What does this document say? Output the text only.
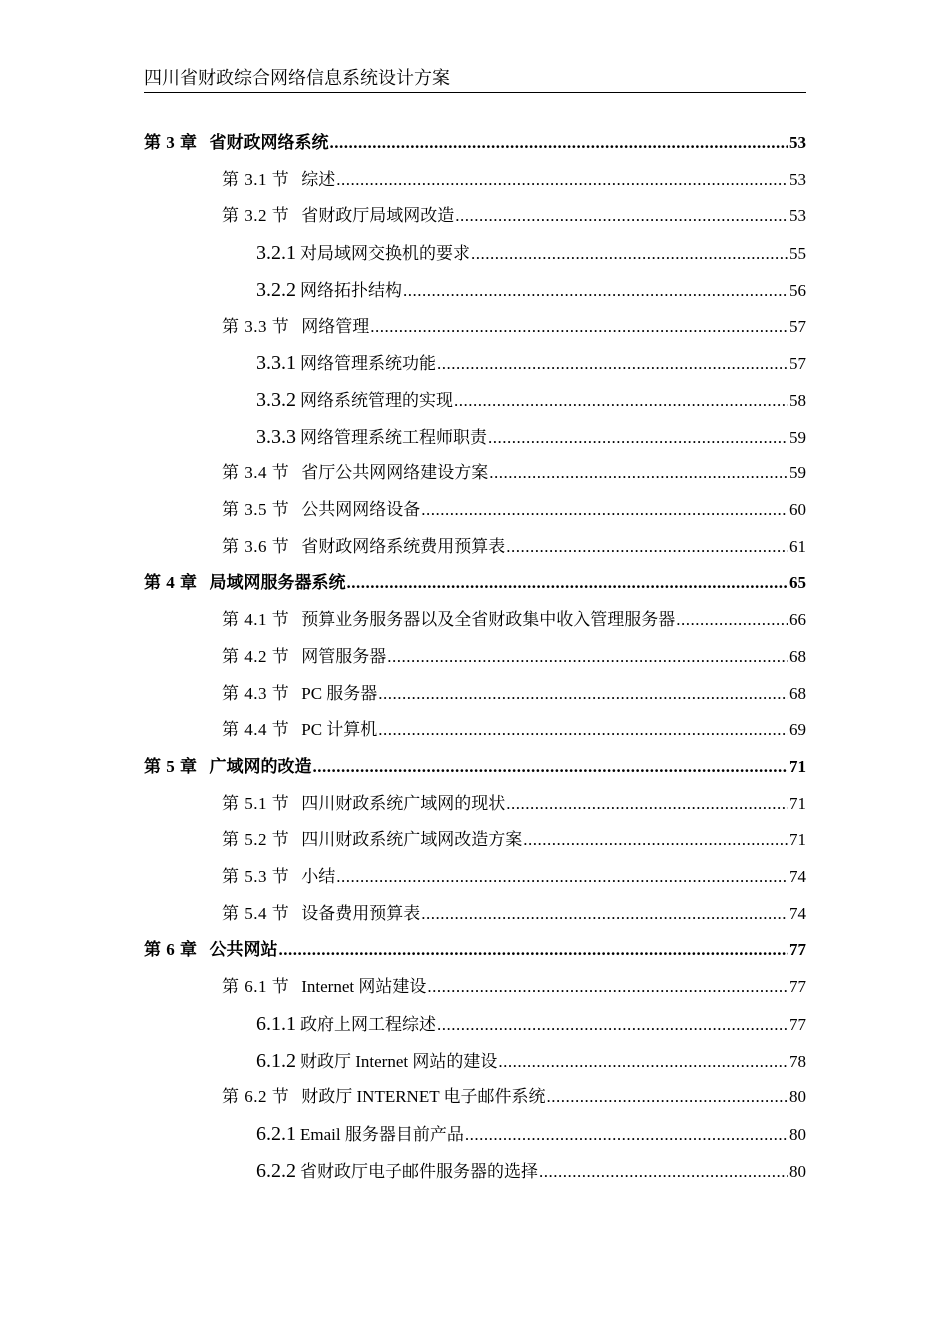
四川省财政综合网络信息系统设计方案
第 3 章 省财政网络系统 .....	53
第 3.1 节 综述 .....	53
第 3.2 节 省财政厅局域网改造 .....	53
3.2.1 对局域网交换机的要求 .....	55
3.2.2 网络拓扑结构 .....	56
第 3.3 节 网络管理 .....	57
3.3.1 网络管理系统功能 .....	57
3.3.2 网络系统管理的实现 .....	58
3.3.3 网络管理系统工程师职责 .....	59
第 3.4 节 省厅公共网网络建设方案 .....	59
第 3.5 节 公共网网络设备 .....	60
第 3.6 节 省财政网络系统费用预算表 .....	61
第 4 章 局域网服务器系统 .....	65
第 4.1 节 预算业务服务器以及全省财政集中收入管理服务器 .....	66
第 4.2 节 网管服务器 .....	68
第 4.3 节 PC 服务器 .....	68
第 4.4 节 PC 计算机 .....	69
第 5 章 广域网的改造 .....	71
第 5.1 节 四川财政系统广域网的现状 .....	71
第 5.2 节 四川财政系统广域网改造方案 .....	71
第 5.3 节 小结 .....	74
第 5.4 节 设备费用预算表 .....	74
第 6 章 公共网站 .....	77
第 6.1 节 Internet 网站建设 .....	77
6.1.1 政府上网工程综述 .....	77
6.1.2 财政厅 Internet 网站的建设 .....	78
第 6.2 节 财政厅 INTERNET 电子邮件系统 .....	80
6.2.1 Email 服务器目前产品 .....	80
6.2.2 省财政厅电子邮件服务器的选择 .....	80
